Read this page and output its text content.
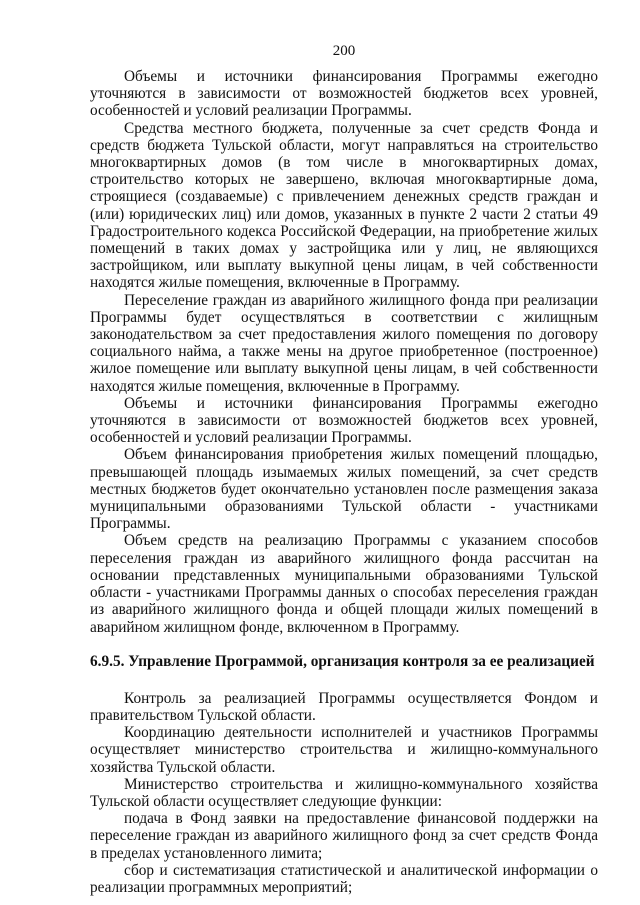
200

Объемы и источники финансирования Программы ежегодно уточняются в зависимости от возможностей бюджетов всех уровней, особенностей и условий реализации Программы.

Средства местного бюджета, полученные за счет средств Фонда и средств бюджета Тульской области, могут направляться на строительство многоквартирных домов (в том числе в многоквартирных домах, строительство которых не завершено, включая многоквартирные дома, строящиеся (создаваемые) с привлечением денежных средств граждан и (или) юридических лиц) или домов, указанных в пункте 2 части 2 статьи 49 Градостроительного кодекса Российской Федерации, на приобретение жилых помещений в таких домах у застройщика или у лиц, не являющихся застройщиком, или выплату выкупной цены лицам, в чей собственности находятся жилые помещения, включенные в Программу.

Переселение граждан из аварийного жилищного фонда при реализации Программы будет осуществляться в соответствии с жилищным законодательством за счет предоставления жилого помещения по договору социального найма, а также мены на другое приобретенное (построенное) жилое помещение или выплату выкупной цены лицам, в чей собственности находятся жилые помещения, включенные в Программу.

Объемы и источники финансирования Программы ежегодно уточняются в зависимости от возможностей бюджетов всех уровней, особенностей и условий реализации Программы.

Объем финансирования приобретения жилых помещений площадью, превышающей площадь изымаемых жилых помещений, за счет средств местных бюджетов будет окончательно установлен после размещения заказа муниципальными образованиями Тульской области - участниками Программы.

Объем средств на реализацию Программы с указанием способов переселения граждан из аварийного жилищного фонда рассчитан на основании представленных муниципальными образованиями Тульской области - участниками Программы данных о способах переселения граждан из аварийного жилищного фонда и общей площади жилых помещений в аварийном жилищном фонде, включенном в Программу.

6.9.5. Управление Программой, организация контроля за ее реализацией

Контроль за реализацией Программы осуществляется Фондом и правительством Тульской области.

Координацию деятельности исполнителей и участников Программы осуществляет министерство строительства и жилищно-коммунального хозяйства Тульской области.

Министерство строительства и жилищно-коммунального хозяйства Тульской области осуществляет следующие функции:

подача в Фонд заявки на предоставление финансовой поддержки на переселение граждан из аварийного жилищного фонд за счет средств Фонда в пределах установленного лимита;

сбор и систематизация статистической и аналитической информации о реализации программных мероприятий;
